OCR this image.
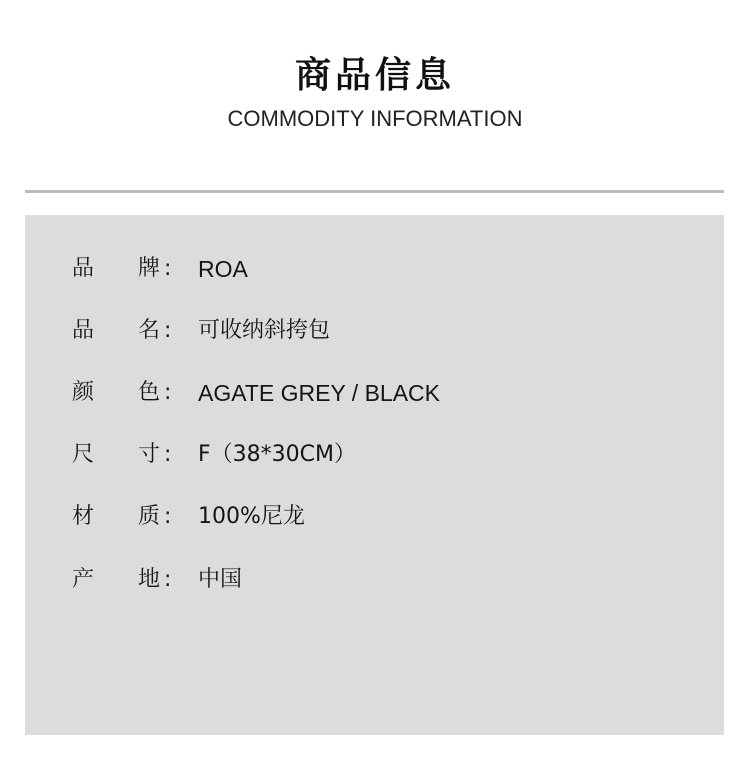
商品信息
COMMODITY INFORMATION
品 牌 : ROA
品 名 : 可收纳斜挎包
颜 色 : AGATE GREY / BLACK
尺 寸 : F（38*30CM）
材 质 : 100%尼龙
产 地 : 中国
